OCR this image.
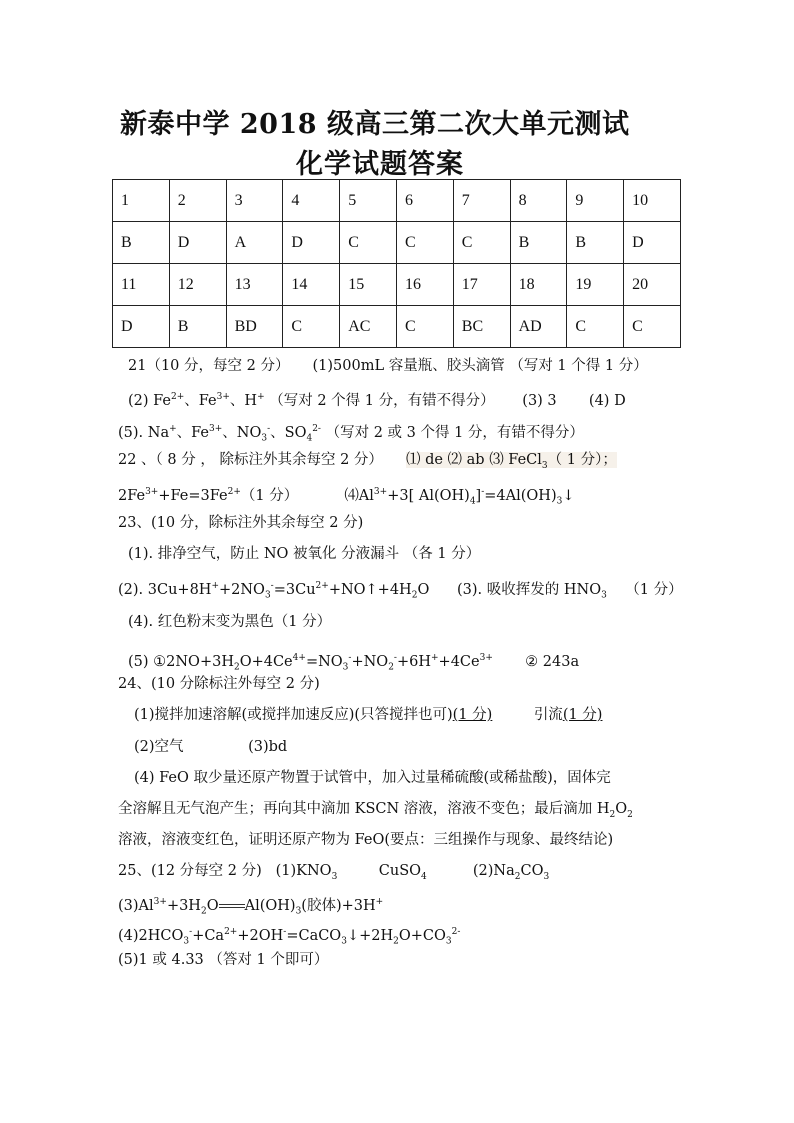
新泰中学 2018 级高三第二次大单元测试
化学试题答案
1	2	3	4	5	6	7	8	9	10
B	D	A	D	C	C	C	B	B	D
11	12	13	14	15	16	17	18	19	20
D	B	BD	C	AC	C	BC	AD	C	C
21（10 分，每空 2 分） (1)500mL 容量瓶、胶头滴管 （写对 1 个得 1 分）
(2) $Fe^{2+}$、$Fe^{3+}$、H+ （写对 2 个得 1 分，有错不得分） (3) 3 (4) D
(5). Na+、$Fe^{3+}$、$NO_3^-$、$SO_4^{2-}$ （写对 2 或 3 个得 1 分，有错不得分）
22 、（ 8 分 ， 除标注外其余每空 2 分） ⑴ de ⑵ ab ⑶ FeCl$_3$（ 1 分）；
$2Fe^{3+}+Fe=3Fe^{2+}(1$ 分）	$⑷Al^{3+}+3$[ $Al(OH)_4]^-=4Al(OH)_3↓$
23、(10 分，除标注外其余每空 2 分)
(1). 排净空气，防止 NO 被氧化 分液漏斗 （各 1 分）
(2). $3Cu+8H^++2NO_3^-=3Cu^{2+}+NO↑+4H_2O$ (3). 吸收挥发的 $HNO_3$ （1 分）
(4). 红色粉末变为黑色（1 分）
(5) $①2NO+3H_2O+4Ce^{4+}=NO_3^-+NO_2^-+6H^++4Ce^{3+}$ ② 243a
24、(10 分除标注外每空 2 分)
(1)搅拌加速溶解(或搅拌加速反应)(只答搅拌也可)(1 分)	引流(1 分)
(2)空气	(3)bd
(4) FeO 取少量还原产物置于试管中，加入过量稀硫酸(或稀盐酸)，固体完
全溶解且无气泡产生；再向其中滴加 KSCN 溶液，溶液不变色；最后滴加 $H_2O_2$
溶液，溶液变红色，证明还原产物为 FeO(要点：三组操作与现象、最终结论)
25、(12 分每空 2 分) $(1)KNO_3$	CuSO$_4$	$(2)Na_2CO_3$
$(3)Al^{3+}+3H_2O$ $Al(OH)_3$(胶体)+3H+
$(4)2HCO_3^-+Ca^{2+}+2OH^-=CaCO_3↓+2H_2O+CO_3^{2-}$
(5)1 或 4.33 （答对 1 个即可）
